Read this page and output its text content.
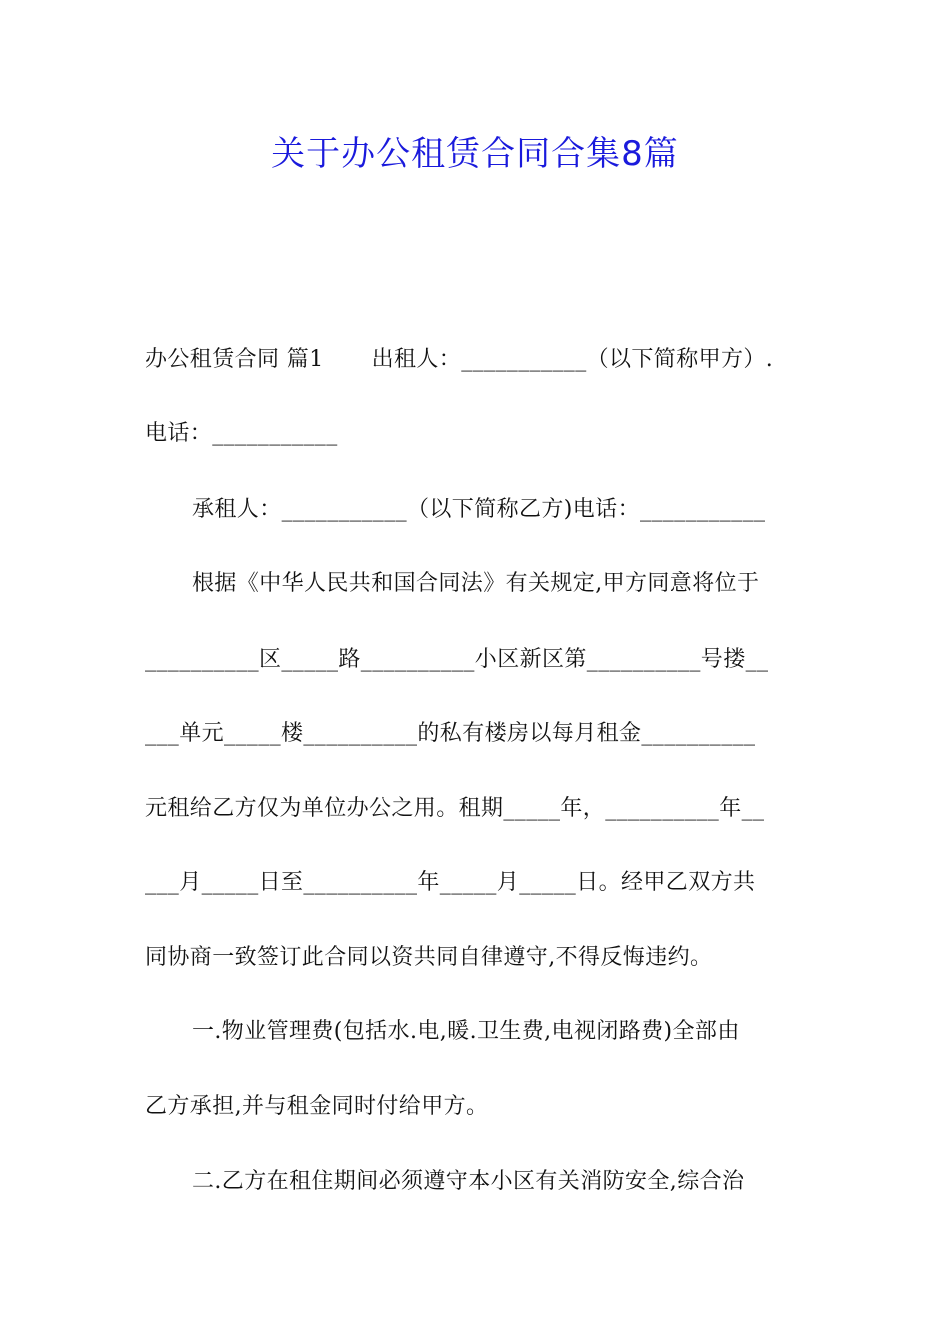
关于办公租赁合同合集8篇
办公租赁合同 篇1 出租人：___________（以下简称甲方）.
电话：___________
承租人：___________（以下简称乙方)电话：___________
根据《中华人民共和国合同法》有关规定,甲方同意将位于
__________区_____路__________小区新区第__________号搂__
___单元_____楼__________的私有楼房以每月租金__________
元租给乙方仅为单位办公之用。租期_____年，__________年__
___月_____日至__________年_____月_____日。经甲乙双方共
同协商一致签订此合同以资共同自律遵守,不得反悔违约。
一.物业管理费(包括水.电,暖.卫生费,电视闭路费)全部由
乙方承担,并与租金同时付给甲方。
二.乙方在租住期间必须遵守本小区有关消防安全,综合治
